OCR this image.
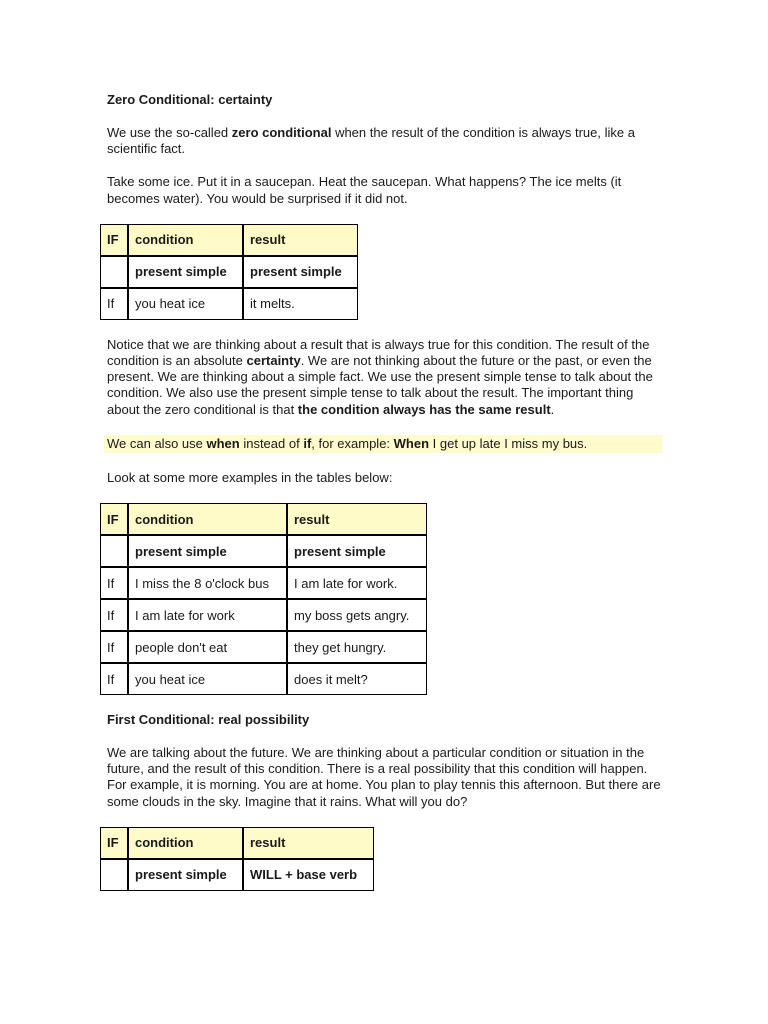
Zero Conditional: certainty
We use the so-called zero conditional when the result of the condition is always true, like a scientific fact.
Take some ice. Put it in a saucepan. Heat the saucepan. What happens? The ice melts (it becomes water). You would be surprised if it did not.
IF	condition	result
	present simple	present simple
If	you heat ice	it melts.
Notice that we are thinking about a result that is always true for this condition. The result of the condition is an absolute certainty. We are not thinking about the future or the past, or even the present. We are thinking about a simple fact. We use the present simple tense to talk about the condition. We also use the present simple tense to talk about the result. The important thing about the zero conditional is that the condition always has the same result.
We can also use when instead of if, for example: When I get up late I miss my bus.
Look at some more examples in the tables below:
IF	condition	result
	present simple	present simple
If	I miss the 8 o'clock bus	I am late for work.
If	I am late for work	my boss gets angry.
If	people don't eat	they get hungry.
If	you heat ice	does it melt?
First Conditional: real possibility
We are talking about the future. We are thinking about a particular condition or situation in the future, and the result of this condition. There is a real possibility that this condition will happen. For example, it is morning. You are at home. You plan to play tennis this afternoon. But there are some clouds in the sky. Imagine that it rains. What will you do?
IF	condition	result
	present simple	WILL + base verb
